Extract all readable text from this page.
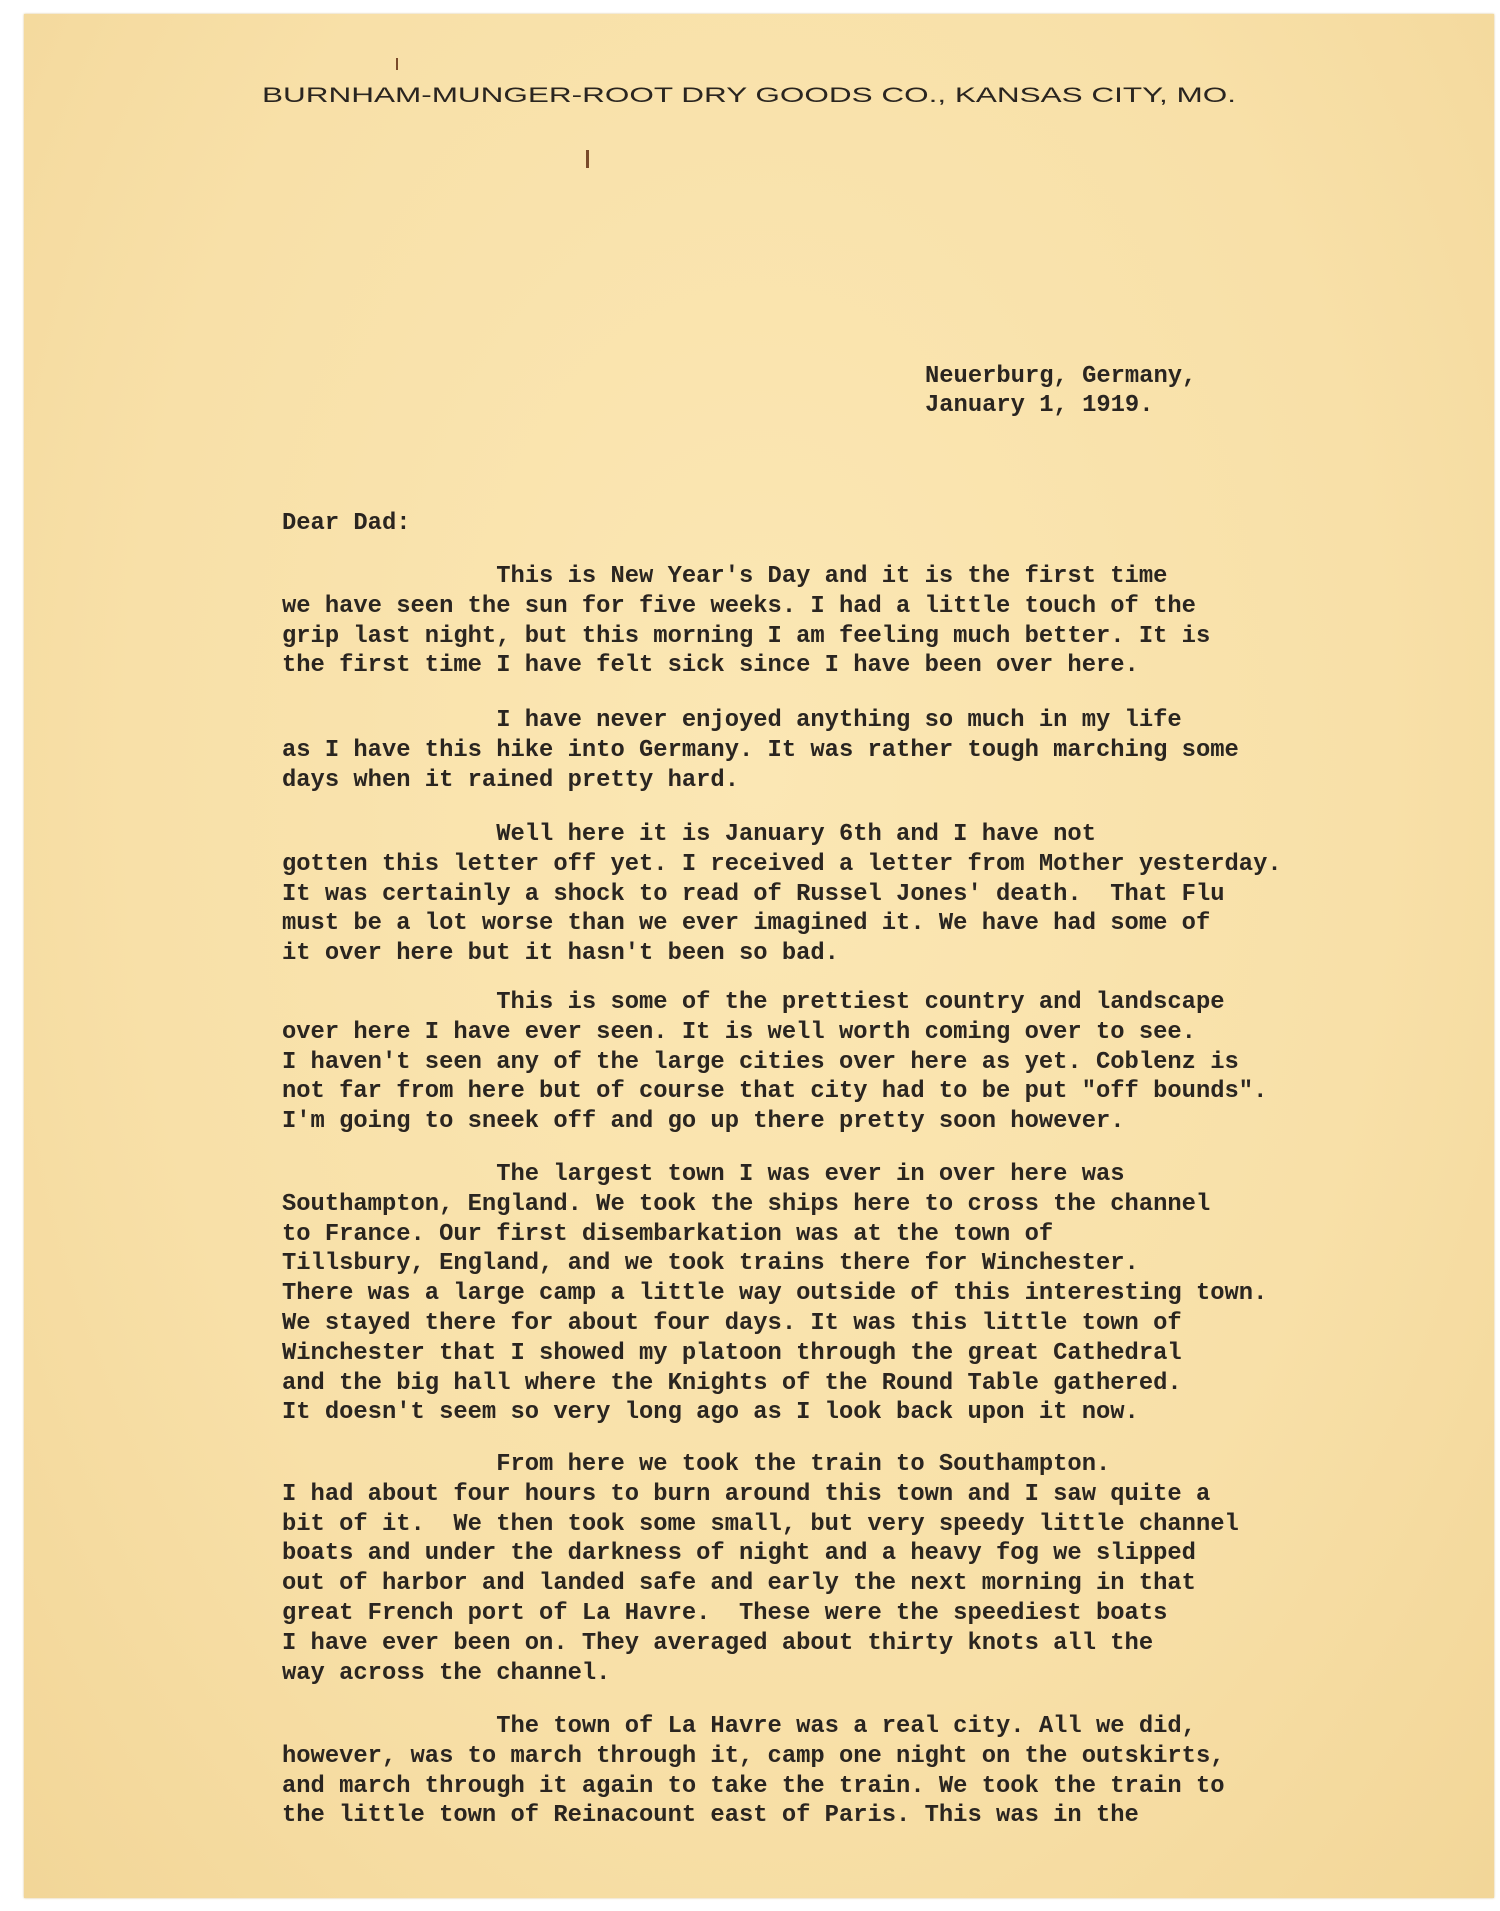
BURNHAM-MUNGER-ROOT DRY GOODS CO., KANSAS CITY, MO.
Neuerburg, Germany,
January 1, 1919.
Dear Dad:
This is New Year's Day and it is the first time
we have seen the sun for five weeks. I had a little touch of the
grip last night, but this morning I am feeling much better. It is
the first time I have felt sick since I have been over here.
I have never enjoyed anything so much in my life
as I have this hike into Germany. It was rather tough marching some
days when it rained pretty hard.
Well here it is January 6th and I have not
gotten this letter off yet. I received a letter from Mother yesterday.
It was certainly a shock to read of Russel Jones' death.  That Flu
must be a lot worse than we ever imagined it. We have had some of
it over here but it hasn't been so bad.
This is some of the prettiest country and landscape
over here I have ever seen. It is well worth coming over to see.
I haven't seen any of the large cities over here as yet. Coblenz is
not far from here but of course that city had to be put "off bounds".
I'm going to sneek off and go up there pretty soon however.
The largest town I was ever in over here was
Southampton, England. We took the ships here to cross the channel
to France. Our first disembarkation was at the town of
Tillsbury, England, and we took trains there for Winchester.
There was a large camp a little way outside of this interesting town.
We stayed there for about four days. It was this little town of
Winchester that I showed my platoon through the great Cathedral
and the big hall where the Knights of the Round Table gathered.
It doesn't seem so very long ago as I look back upon it now.
From here we took the train to Southampton.
I had about four hours to burn around this town and I saw quite a
bit of it.  We then took some small, but very speedy little channel
boats and under the darkness of night and a heavy fog we slipped
out of harbor and landed safe and early the next morning in that
great French port of La Havre.  These were the speediest boats
I have ever been on. They averaged about thirty knots all the
way across the channel.
The town of La Havre was a real city. All we did,
however, was to march through it, camp one night on the outskirts,
and march through it again to take the train. We took the train to
the little town of Reinacount east of Paris. This was in the
